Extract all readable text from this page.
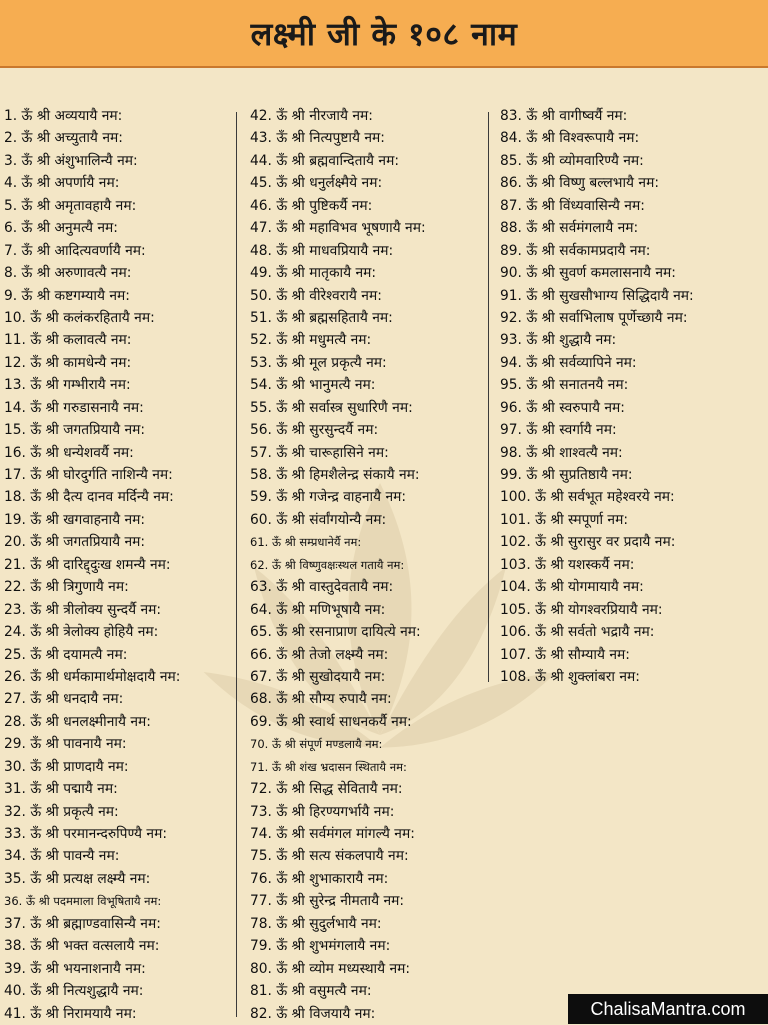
लक्ष्मी जी के १०८ नाम
1. ऊँ श्री अव्ययायै नम:
2. ऊँ श्री अच्युतायै नम:
3. ऊँ श्री अंशुभालिन्यै नम:
4. ऊँ श्री अपर्णायै नम:
5. ऊँ श्री अमृतावहायै नम:
6. ऊँ श्री अनुमत्यै नम:
7. ऊँ श्री आदित्यवर्णायै नम:
8. ऊँ श्री अरुणावत्यै नम:
9. ऊँ श्री कष्टगम्यायै नम:
10. ऊँ श्री कलंकरहितायै नम:
11. ऊँ श्री कलावत्यै नम:
12. ऊँ श्री कामधेन्यै नम:
13. ऊँ श्री गम्भीरायै नम:
14. ऊँ श्री गरुडासनायै नम:
15. ऊँ श्री जगतप्रियायै नम:
16. ऊँ श्री धन्येशवर्यै नम:
17. ऊँ श्री घोरदुर्गति नाशिन्यै नम:
18. ऊँ श्री दैत्य दानव मर्दिन्यै नम:
19. ऊँ श्री खगवाहनायै नम:
20. ऊँ श्री जगतप्रियायै नम:
21. ऊँ श्री दारिद्द्दुःख शमन्यै नम:
22. ऊँ श्री त्रिगुणायै नम:
23. ऊँ श्री त्रीलोक्य सुन्दर्यै नम:
24. ऊँ श्री त्रेलोक्य होहियै नम:
25. ऊँ श्री दयामत्यै नम:
26. ऊँ श्री धर्मकामार्थमोक्षदायै नम:
27. ऊँ श्री धनदायै नम:
28. ऊँ श्री धनलक्ष्मीनायै नम:
29. ऊँ श्री पावनायै नम:
30. ऊँ श्री प्राणदायै नम:
31. ऊँ श्री पद्मायै नम:
32. ऊँ श्री प्रकृत्यै नम:
33. ऊँ श्री परमानन्दरुपिण्यै नम:
34. ऊँ श्री पावन्यै नम:
35. ऊँ श्री प्रत्यक्ष लक्ष्म्यै नम:
36. ऊँ श्री पदममाला विभूषितायै नम:
37. ऊँ श्री ब्रह्माण्डवासिन्यै नम:
38. ऊँ श्री भक्त वत्सलायै नम:
39. ऊँ श्री भयनाशनायै नम:
40. ऊँ श्री नित्यशुद्धायै नम:
41. ऊँ श्री निरामयायै नम:
42. ऊँ श्री नीरजायै नम:
43. ऊँ श्री नित्यपुष्टायै नम:
44. ऊँ श्री ब्रह्मवान्दितायै नम:
45. ऊँ श्री धनुर्लक्ष्मैये नम:
46. ऊँ श्री पुष्टिकर्यै नम:
47. ऊँ श्री महाविभव भूषणायै नम:
48. ऊँ श्री माधवप्रियायै नम:
49. ऊँ श्री मातृकायै नम:
50. ऊँ श्री वीरेश्वरायै नम:
51. ऊँ श्री ब्रह्मसहितायै नम:
52. ऊँ श्री मधुमत्यै नम:
53. ऊँ श्री मूल प्रकृत्यै नम:
54. ऊँ श्री भानुमत्यै नम:
55. ऊँ श्री सर्वास्त्र सुधारिणै नम:
56. ऊँ श्री सुरसुन्दर्यै नम:
57. ऊँ श्री चारूहासिने नम:
58. ऊँ श्री हिमशैलेन्द्र संकायै नम:
59. ऊँ श्री गजेन्द्र वाहनायै नम:
60. ऊँ श्री संर्वांगयोन्यै नम:
61. ऊँ श्री सम्प्रधानेर्यै नम:
62. ऊँ श्री विष्णुवक्षःस्थल गतायै नम:
63. ऊँ श्री वास्तुदेवतायै नम:
64. ऊँ श्री मणिभूषायै नम:
65. ऊँ श्री रसनाप्राण दायित्ये नम:
66. ऊँ श्री तेजो लक्ष्म्यै नम:
67. ऊँ श्री सुखोदयायै नम:
68. ऊँ श्री सौम्य रुपायै नम:
69. ऊँ श्री स्वार्थ साधनकर्यै नम:
70. ऊँ श्री संपूर्ण मण्डलायै नम:
71. ऊँ श्री शंख भ्रदासन स्थितायै नम:
72. ऊँ श्री सिद्ध सेवितायै नम:
73. ऊँ श्री हिरण्यगर्भायै नम:
74. ऊँ श्री सर्वमंगल मांगल्यै नम:
75. ऊँ श्री सत्य संकलपायै नम:
76. ऊँ श्री शुभाकारायै नम:
77. ऊँ श्री सुरेन्द्र नीमतायै नम:
78. ऊँ श्री सुदुर्लभायै नम:
79. ऊँ श्री शुभमंगलायै नम:
80. ऊँ श्री व्योम मध्यस्थायै नम:
81. ऊँ श्री वसुमत्यै नम:
82. ऊँ श्री विजयायै नम:
83. ऊँ श्री वागीष्वर्यै नम:
84. ऊँ श्री विश्वरूपायै नम:
85. ऊँ श्री व्योमवारिण्यै नम:
86. ऊँ श्री विष्णु बल्लभायै नम:
87. ऊँ श्री विंध्यवासिन्यै नम:
88. ऊँ श्री सर्वमंगलायै नम:
89. ऊँ श्री सर्वकामप्रदायै नम:
90. ऊँ श्री सुवर्ण कमलासनायै नम:
91. ऊँ श्री सुखसौभाग्य सिद्धिदायै नम:
92. ऊँ श्री सर्वाभिलाष पूर्णेच्छायै नम:
93. ऊँ श्री शुद्धायै नम:
94. ऊँ श्री सर्वव्यापिने नम:
95. ऊँ श्री सनातनयै नम:
96. ऊँ श्री स्वरुपायै नम:
97. ऊँ श्री स्वर्गायै नम:
98. ऊँ श्री शाश्वत्यै नम:
99. ऊँ श्री सुप्रतिष्ठायै नम:
100. ऊँ श्री सर्वभूत महेश्वरये नम:
101. ऊँ श्री स्मपूर्णा नम:
102. ऊँ श्री सुरासुर वर प्रदायै नम:
103. ऊँ श्री यशस्कर्यै नम:
104. ऊँ श्री योगमायायै नम:
105. ऊँ श्री योगश्वरप्रियायै नम:
106. ऊँ श्री सर्वतो भद्रायै नम:
107. ऊँ श्री सौम्यायै नम:
108. ऊँ श्री शुक्लांबरा नम:
ChalisaMantra.com
